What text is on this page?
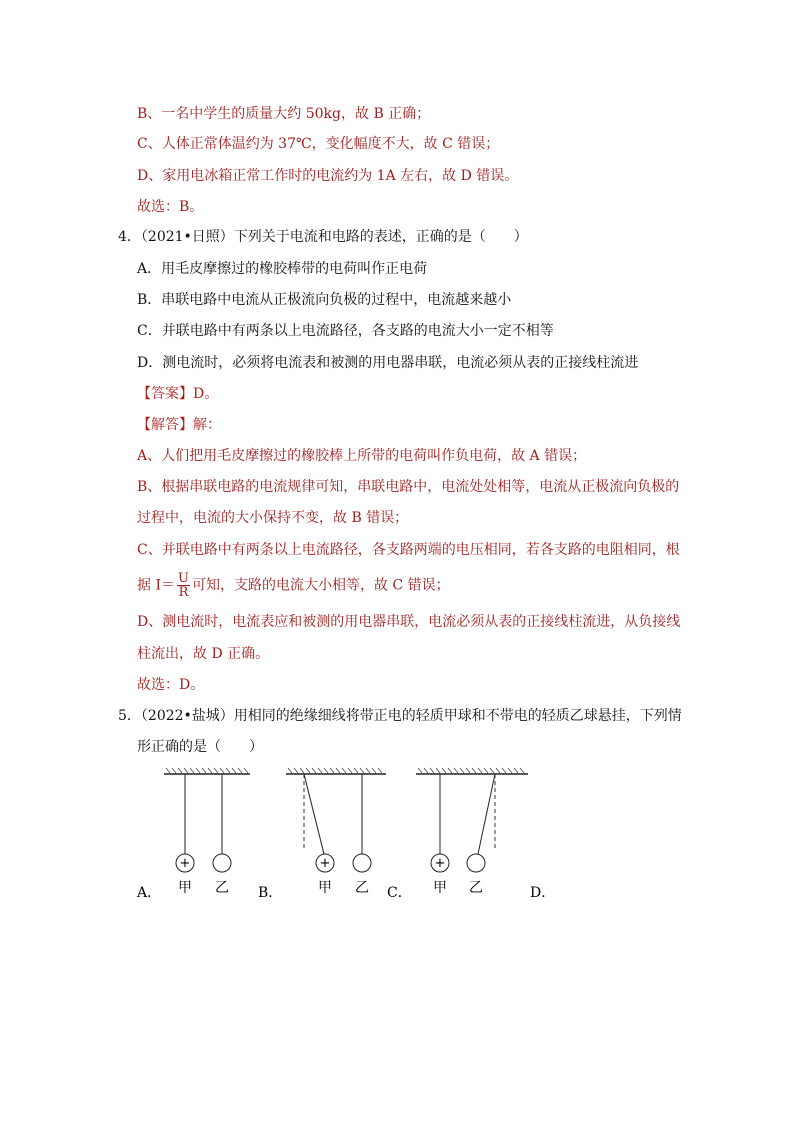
B、一名中学生的质量大约 50kg，故 B 正确；
C、人体正常体温约为 37℃，变化幅度不大，故 C 错误；
D、家用电冰箱正常工作时的电流约为 1A 左右，故 D 错误。
故选：B。
4．（2021•日照）下列关于电流和电路的表述，正确的是（　　）
A．用毛皮摩擦过的橡胶棒带的电荷叫作正电荷
B．串联电路中电流从正极流向负极的过程中，电流越来越小
C．并联电路中有两条以上电流路径，各支路的电流大小一定不相等
D．测电流时，必须将电流表和被测的用电器串联，电流必须从表的正接线柱流进
【答案】D。
【解答】解：
A、人们把用毛皮摩擦过的橡胶棒上所带的电荷叫作负电荷，故 A 错误；
B、根据串联电路的电流规律可知，串联电路中，电流处处相等，电流从正极流向负极的
过程中，电流的大小保持不变，故 B 错误；
C、并联电路中有两条以上电流路径，各支路两端的电压相同，若各支路的电阻相同，根
据 $I= \frac{U}{R}$ 可知，支路的电流大小相等，故 C 错误；
D、测电流时，电流表应和被测的用电器串联，电流必须从表的正接线柱流进，从负接线
柱流出，故 D 正确。
故选：D。
5．（2022•盐城）用相同的绝缘细线将带正电的轻质甲球和不带电的轻质乙球悬挂，下列情
形正确的是（　　）
+
甲 乙
+
甲 乙
+
甲 乙
A．	B．	C．	D．
